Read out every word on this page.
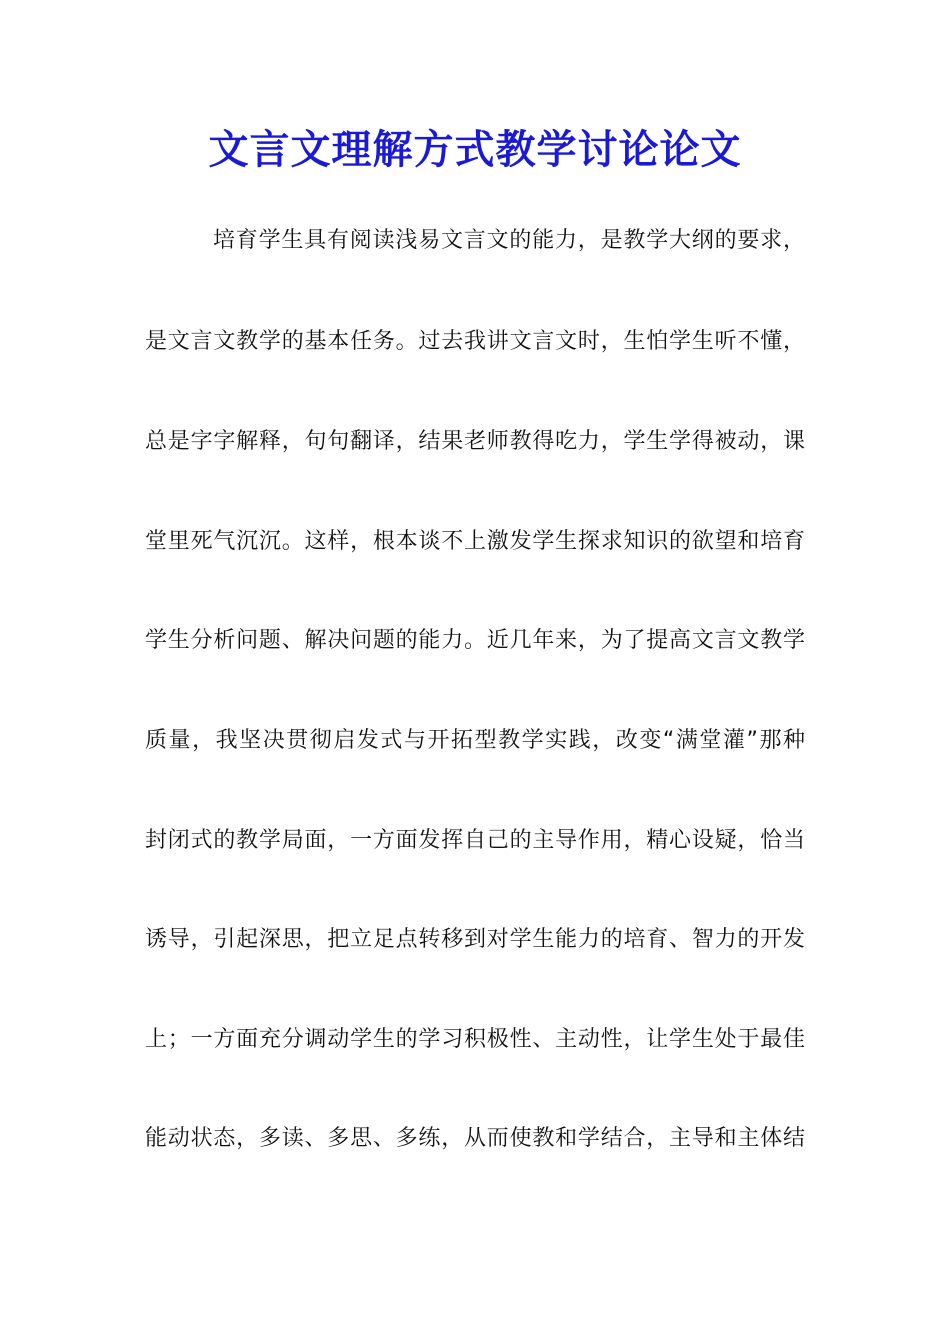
文言文理解方式教学讨论论文
培育学生具有阅读浅易文言文的能力，是教学大纲的要求，
是文言文教学的基本任务。过去我讲文言文时，生怕学生听不懂，
总是字字解释，句句翻译，结果老师教得吃力，学生学得被动，课
堂里死气沉沉。这样，根本谈不上激发学生探求知识的欲望和培育
学生分析问题、解决问题的能力。近几年来，为了提高文言文教学
质量，我坚决贯彻启发式与开拓型教学实践，改变“满堂灌”那种
封闭式的教学局面，一方面发挥自己的主导作用，精心设疑，恰当
诱导，引起深思，把立足点转移到对学生能力的培育、智力的开发
上；一方面充分调动学生的学习积极性、主动性，让学生处于最佳
能动状态，多读、多思、多练，从而使教和学结合，主导和主体结
